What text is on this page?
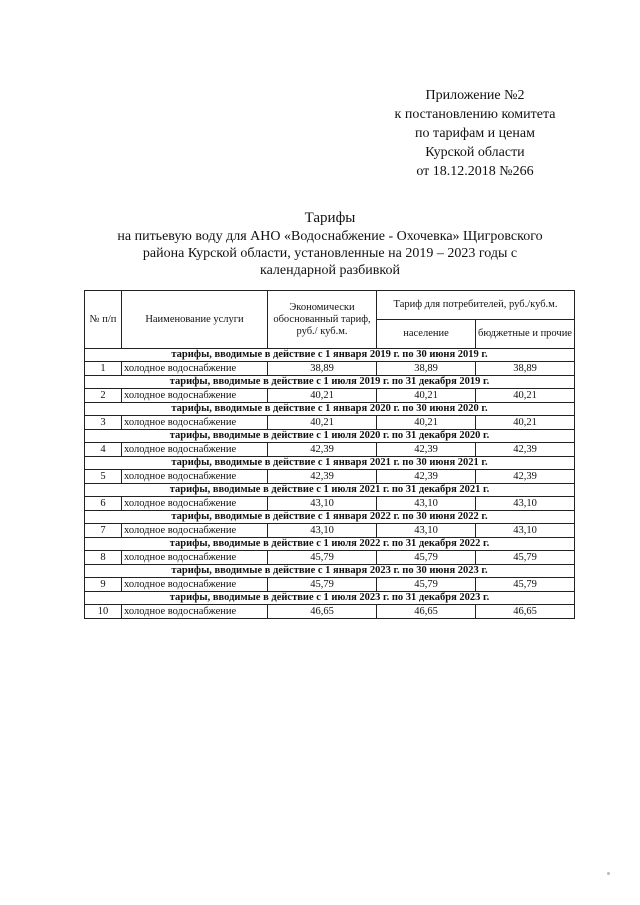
Приложение №2
к постановлению комитета
по тарифам и ценам
Курской области
от 18.12.2018 №266
Тарифы
на питьевую воду для АНО «Водоснабжение - Охочевка» Щигровского
района Курской области, установленные на 2019 – 2023 годы с
календарной разбивкой
№ п/п	Наименование услуги	Экономически обоснованный тариф, руб./ куб.м.	Тариф для потребителей, руб./куб.м.	
			население	бюджетные и прочие
тарифы, вводимые в действие с 1 января 2019 г. по 30 июня 2019 г.				
1	холодное водоснабжение	38,89	38,89	38,89
тарифы, вводимые в действие с 1 июля 2019 г. по 31 декабря 2019 г.				
2	холодное водоснабжение	40,21	40,21	40,21
тарифы, вводимые в действие с 1 января 2020 г. по 30 июня 2020 г.				
3	холодное водоснабжение	40,21	40,21	40,21
тарифы, вводимые в действие с 1 июля 2020 г. по 31 декабря 2020 г.				
4	холодное водоснабжение	42,39	42,39	42,39
тарифы, вводимые в действие с 1 января 2021 г. по 30 июня 2021 г.				
5	холодное водоснабжение	42,39	42,39	42,39
тарифы, вводимые в действие с 1 июля 2021 г. по 31 декабря 2021 г.				
6	холодное водоснабжение	43,10	43,10	43,10
тарифы, вводимые в действие с 1 января 2022 г. по 30 июня 2022 г.				
7	холодное водоснабжение	43,10	43,10	43,10
тарифы, вводимые в действие с 1 июля 2022 г. по 31 декабря 2022 г.				
8	холодное водоснабжение	45,79	45,79	45,79
тарифы, вводимые в действие с 1 января 2023 г. по 30 июня 2023 г.				
9	холодное водоснабжение	45,79	45,79	45,79
тарифы, вводимые в действие с 1 июля 2023 г. по 31 декабря 2023 г.				
10	холодное водоснабжение	46,65	46,65	46,65
